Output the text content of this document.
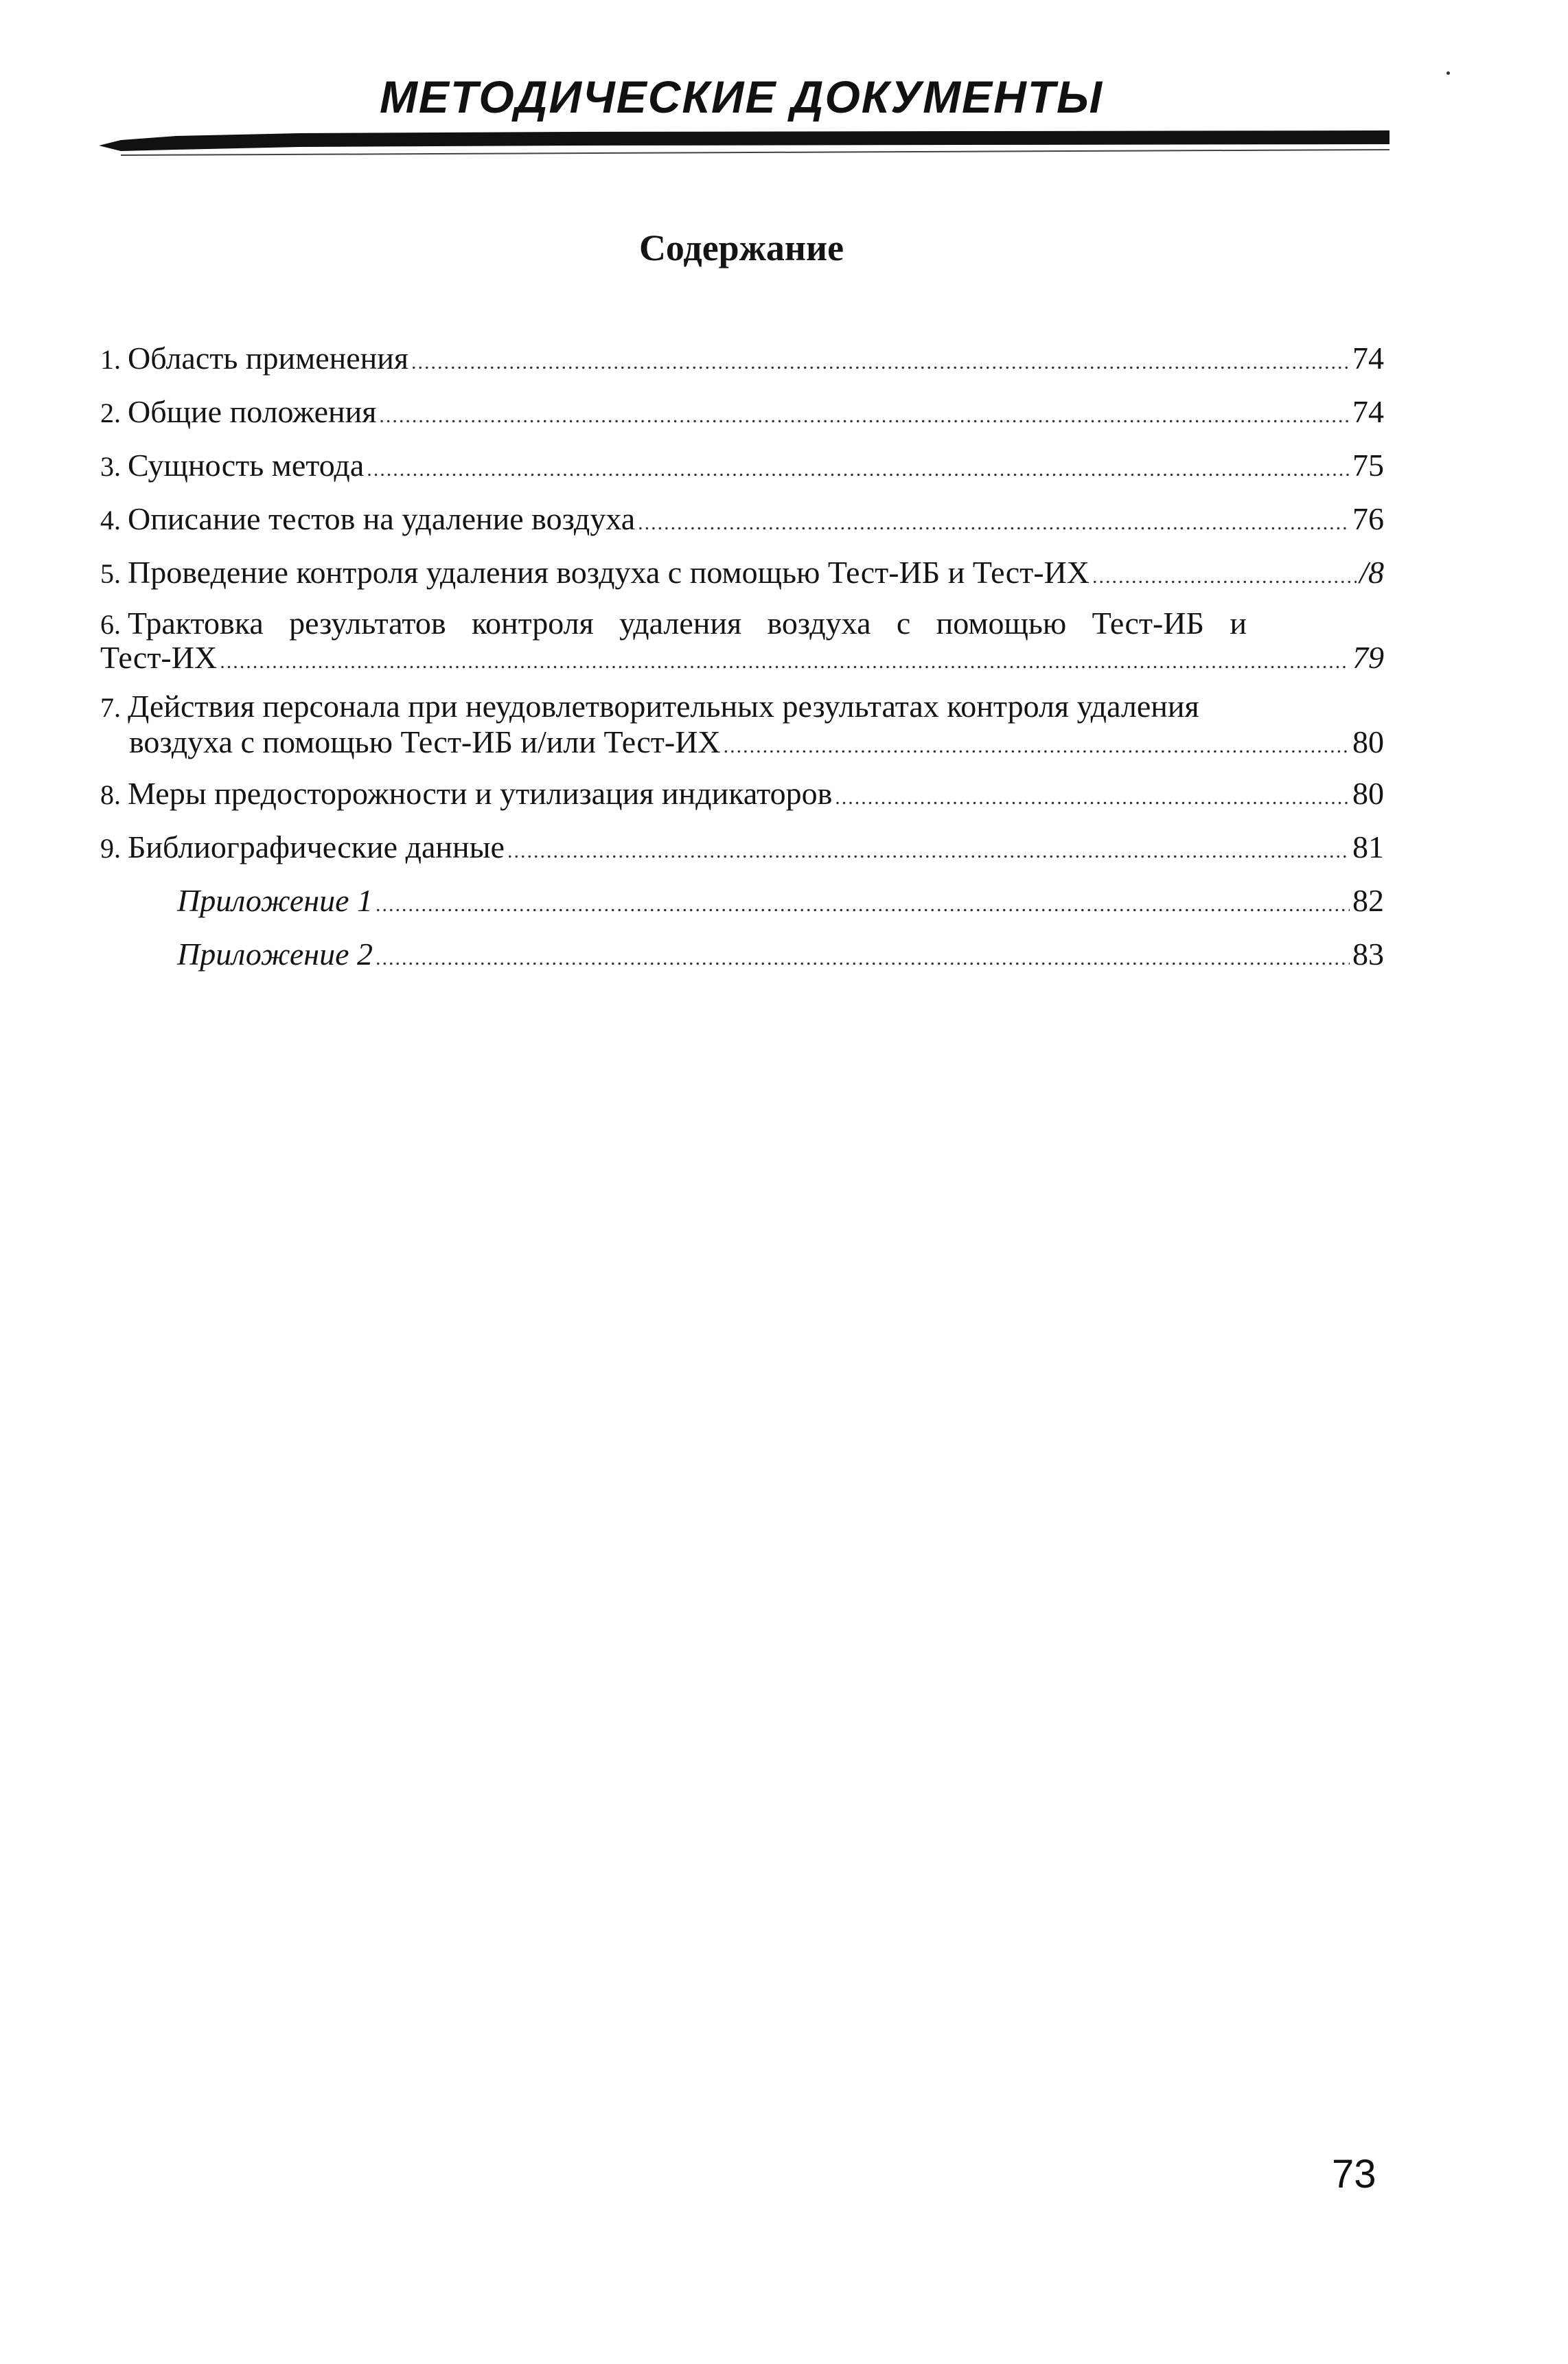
МЕТОДИЧЕСКИЕ ДОКУМЕНТЫ
Содержание
1. Область применения .....	74
2. Общие положения .....	74
3. Сущность метода .....	75
4. Описание тестов на удаление воздуха .....	76
5. Проведение контроля удаления воздуха с помощью Тест-ИБ и Тест-ИХ .....	/8
6. Трактовка результатов контроля удаления воздуха с помощью Тест-ИБ и
Тест-ИХ .....	79
7. Действия персонала при неудовлетворительных результатах контроля удаления
воздуха с помощью Тест-ИБ и/или Тест-ИХ .....	80
8. Меры предосторожности и утилизация индикаторов .....	80
9. Библиографические данные .....	81
Приложение 1 .....	82
Приложение 2 .....	83
73
